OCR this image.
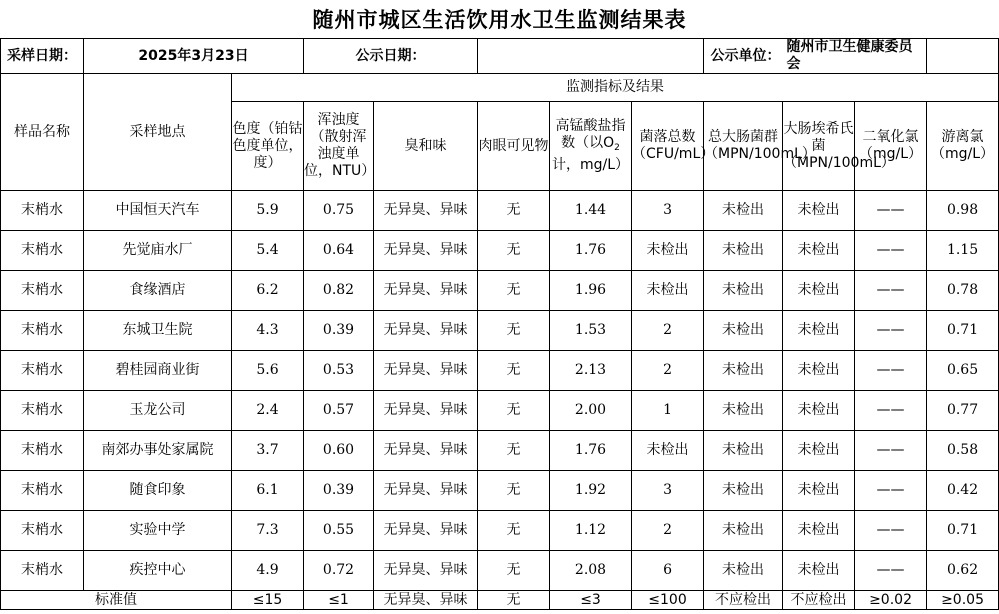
随州市城区生活饮用水卫生监测结果表
采样日期：	2025年3月23日		公示日期：					公示单位：	随州市卫生健康委员会		
样品名称	采样地点	监测指标及结果									
		色度（铂钴色度单位，度）	浑浊度（散射浑浊度单位，NTU）	臭和味	肉眼可见物	高锰酸盐指数（以$O_2$计，mg/L）	菌落总数（CFU/mL）	总大肠菌群（MPN/100mL）	大肠埃希氏菌（MPN/100mL）	二氧化氯（mg/L）	游离氯（mg/L）
末梢水	中国恒天汽车	5.9	0.75	无异臭、异味	无	1.44	3	未检出	未检出	——	0.98
末梢水	先觉庙水厂	5.4	0.64	无异臭、异味	无	1.76	未检出	未检出	未检出	——	1.15
末梢水	食缘酒店	6.2	0.82	无异臭、异味	无	1.96	未检出	未检出	未检出	——	0.78
末梢水	东城卫生院	4.3	0.39	无异臭、异味	无	1.53	2	未检出	未检出	——	0.71
末梢水	碧桂园商业街	5.6	0.53	无异臭、异味	无	2.13	2	未检出	未检出	——	0.65
末梢水	玉龙公司	2.4	0.57	无异臭、异味	无	2.00	1	未检出	未检出	——	0.77
末梢水	南郊办事处家属院	3.7	0.60	无异臭、异味	无	1.76	未检出	未检出	未检出	——	0.58
末梢水	随食印象	6.1	0.39	无异臭、异味	无	1.92	3	未检出	未检出	——	0.42
末梢水	实验中学	7.3	0.55	无异臭、异味	无	1.12	2	未检出	未检出	——	0.71
末梢水	疾控中心	4.9	0.72	无异臭、异味	无	2.08	6	未检出	未检出	——	0.62
标准值		≤15	≤1	无异臭、异味	无	≤3	≤100	不应检出	不应检出	≥0.02	≥0.05
